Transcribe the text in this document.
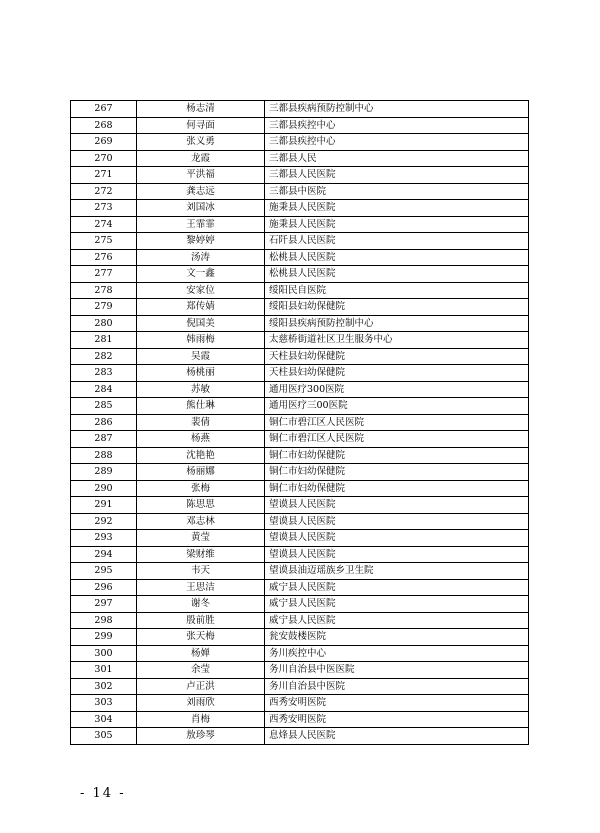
267	杨志清	三都县疾病预防控制中心
268	何寻面	三都县疾控中心
269	张义勇	三都县疾控中心
270	龙霞	三都县人民
271	平洪福	三都县人民医院
272	龚志远	三都县中医院
273	刘国冰	施秉县人民医院
274	王霏霏	施秉县人民医院
275	黎婷婷	石阡县人民医院
276	汤涛	松桃县人民医院
277	文一鑫	松桃县人民医院
278	安家位	绥阳民自医院
279	郑传婧	绥阳县妇幼保健院
280	倪国美	绥阳县疾病预防控制中心
281	韩雨梅	太慈桥街道社区卫生服务中心
282	吴霞	天柱县妇幼保健院
283	杨桃丽	天柱县妇幼保健院
284	苏敏	通用医疗300医院
285	熊仕琳	通用医疗三00医院
286	裴倩	铜仁市碧江区人民医院
287	杨燕	铜仁市碧江区人民医院
288	沈艳艳	铜仁市妇幼保健院
289	杨丽娜	铜仁市妇幼保健院
290	张梅	铜仁市妇幼保健院
291	陈思思	望谟县人民医院
292	邓志林	望谟县人民医院
293	黄莹	望谟县人民医院
294	梁财维	望谟县人民医院
295	韦天	望谟县油迈瑶族乡卫生院
296	王思洁	威宁县人民医院
297	谢冬	威宁县人民医院
298	殷前胜	威宁县人民医院
299	张天梅	瓮安鼓楼医院
300	杨婵	务川疾控中心
301	余莹	务川自治县中医医院
302	卢正洪	务川自治县中医院
303	刘雨欣	西秀安明医院
304	肖梅	西秀安明医院
305	敖珍琴	息烽县人民医院
- 14 -
